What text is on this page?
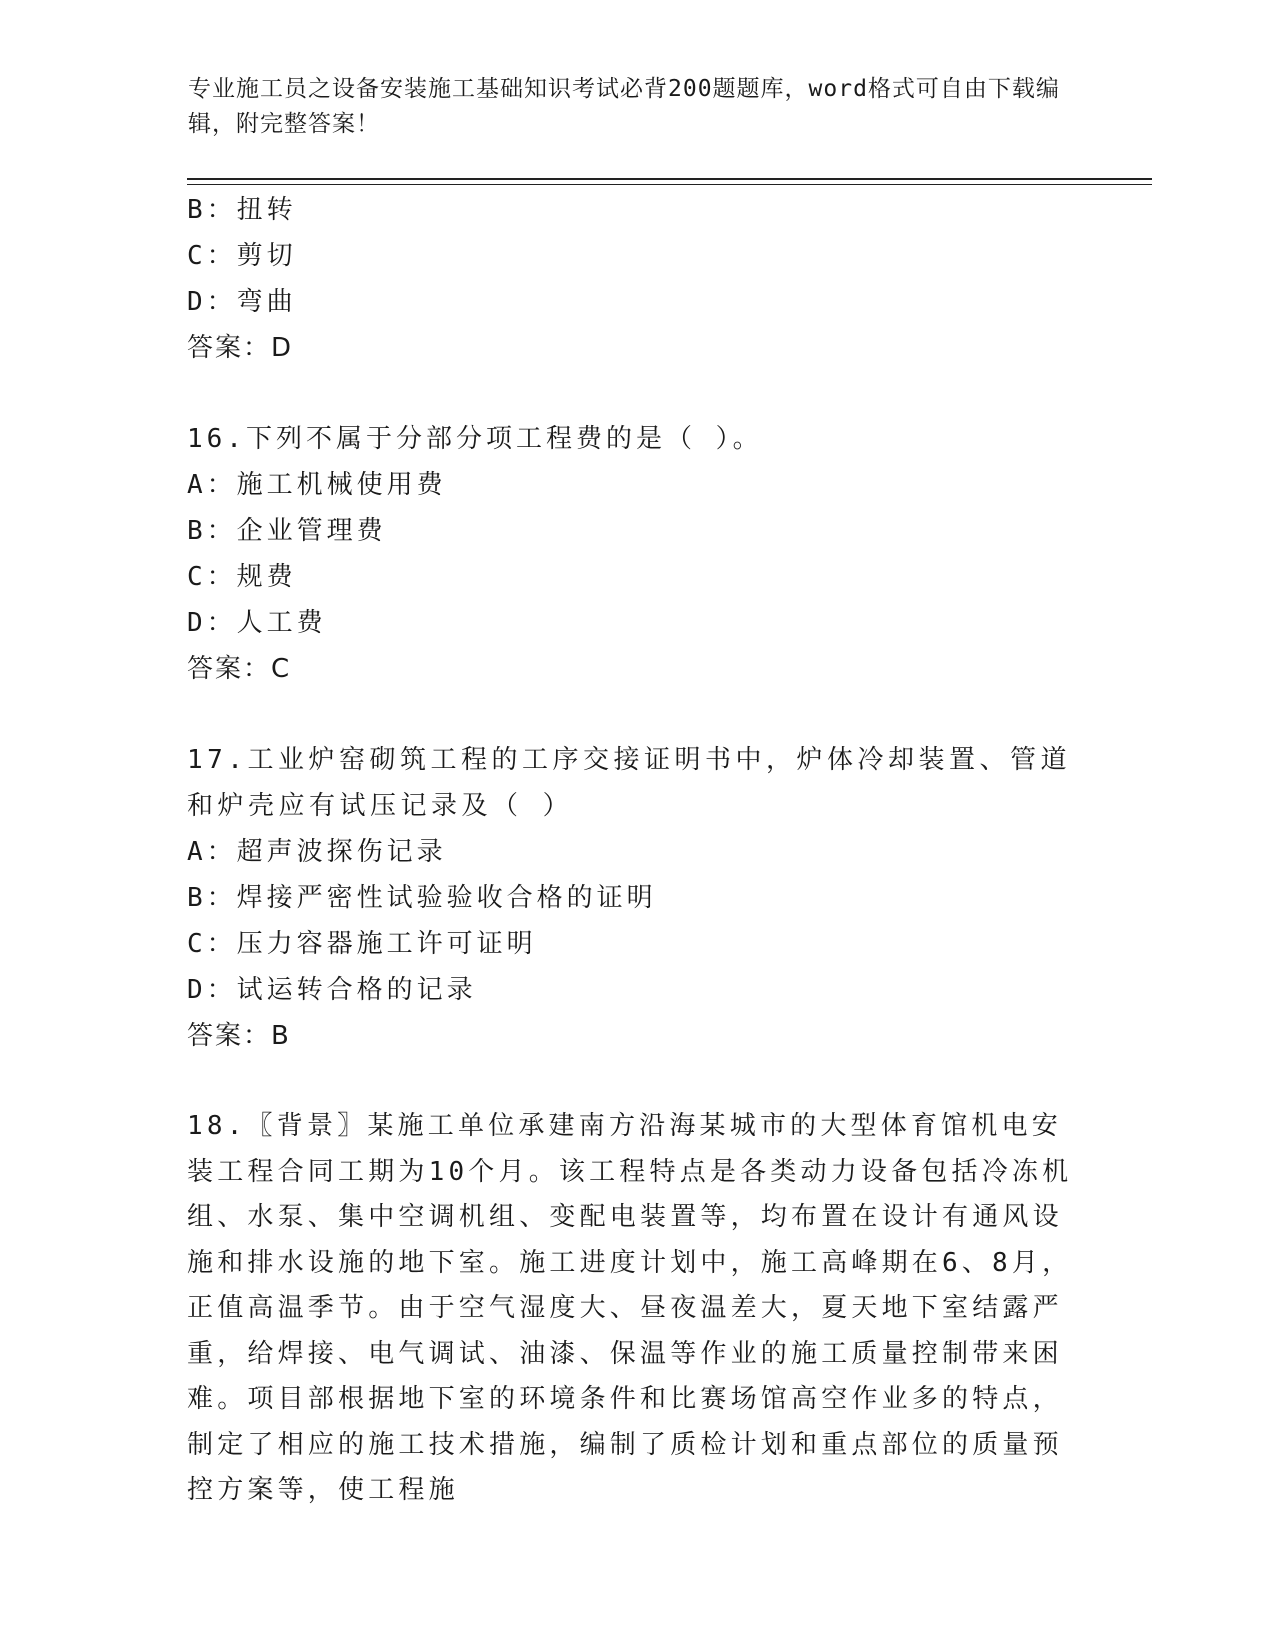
专业施工员之设备安装施工基础知识考试必背200题题库，word格式可自由下载编辑，附完整答案！
B：扭转
C：剪切
D：弯曲
答案：D
16.下列不属于分部分项工程费的是（ ）。
A：施工机械使用费
B：企业管理费
C：规费
D：人工费
答案：C
17.工业炉窑砌筑工程的工序交接证明书中，炉体冷却装置、管道和炉壳应有试压记录及（ ）
A：超声波探伤记录
B：焊接严密性试验验收合格的证明
C：压力容器施工许可证明
D：试运转合格的记录
答案：B
18.〖背景〗某施工单位承建南方沿海某城市的大型体育馆机电安装工程合同工期为10个月。该工程特点是各类动力设备包括冷冻机组、水泵、集中空调机组、变配电装置等，均布置在设计有通风设施和排水设施的地下室。施工进度计划中，施工高峰期在6、8月，正值高温季节。由于空气湿度大、昼夜温差大，夏天地下室结露严重，给焊接、电气调试、油漆、保温等作业的施工质量控制带来困难。项目部根据地下室的环境条件和比赛场馆高空作业多的特点，制定了相应的施工技术措施，编制了质检计划和重点部位的质量预控方案等，使工程施
